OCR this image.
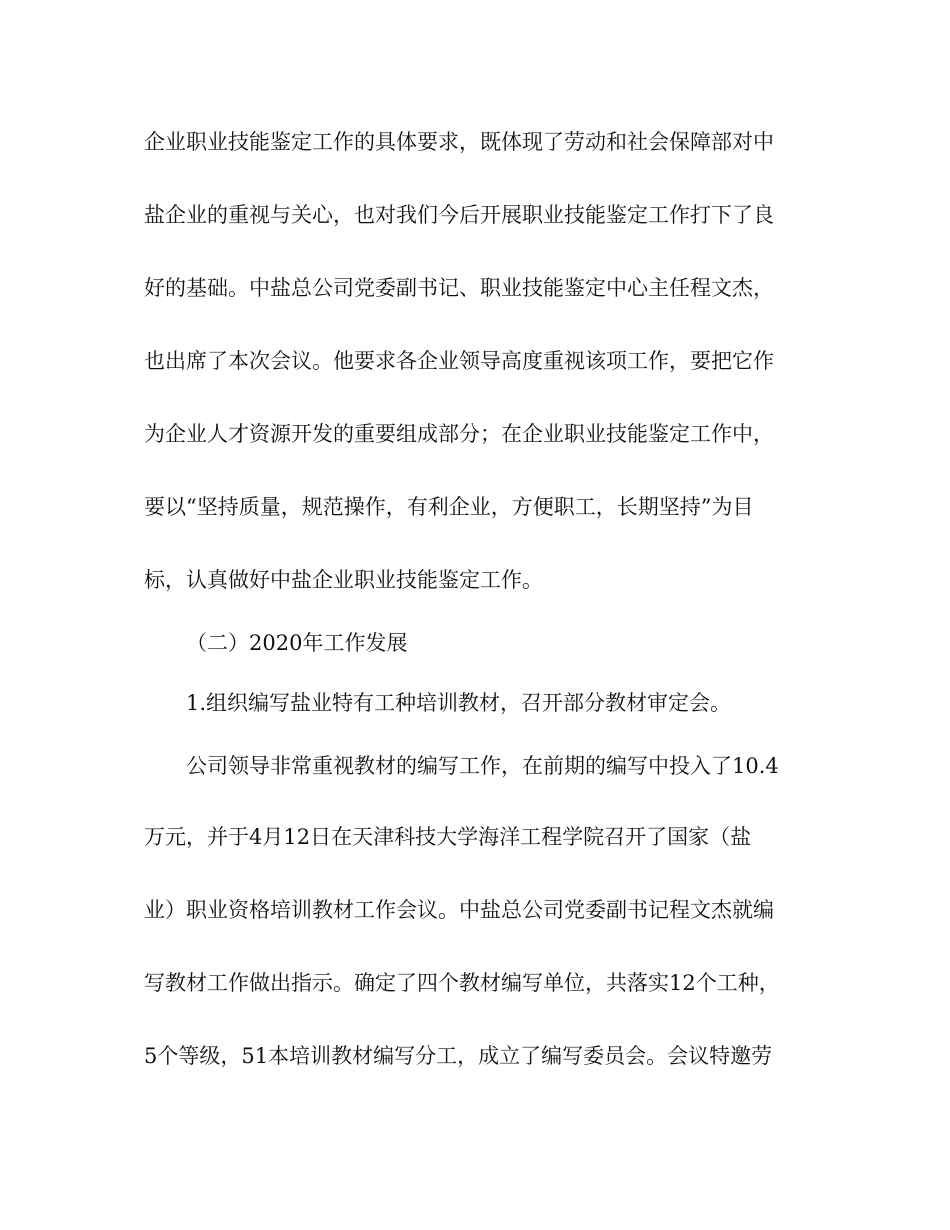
企业职业技能鉴定工作的具体要求，既体现了劳动和社会保障部对中
盐企业的重视与关心，也对我们今后开展职业技能鉴定工作打下了良
好的基础。中盐总公司党委副书记、职业技能鉴定中心主任程文杰，
也出席了本次会议。他要求各企业领导高度重视该项工作，要把它作
为企业人才资源开发的重要组成部分；在企业职业技能鉴定工作中，
要以“坚持质量，规范操作，有利企业，方便职工，长期坚持”为目
标，认真做好中盐企业职业技能鉴定工作。
（二）2020年工作发展
1.组织编写盐业特有工种培训教材，召开部分教材审定会。
公司领导非常重视教材的编写工作，在前期的编写中投入了10.4
万元，并于4月12日在天津科技大学海洋工程学院召开了国家（盐
业）职业资格培训教材工作会议。中盐总公司党委副书记程文杰就编
写教材工作做出指示。确定了四个教材编写单位，共落实12个工种，
5个等级，51本培训教材编写分工，成立了编写委员会。会议特邀劳
